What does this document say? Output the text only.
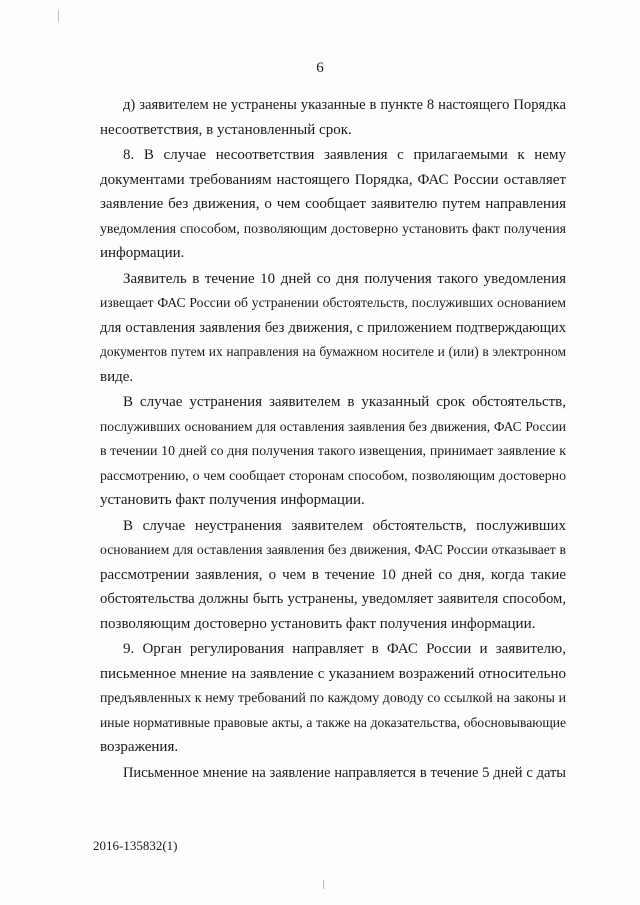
6
д) заявителем не устранены указанные в пункте 8 настоящего Порядка
несоответствия, в установленный срок.
8. В случае несоответствия заявления с прилагаемыми к нему
документами требованиям настоящего Порядка, ФАС России оставляет
заявление без движения, о чем сообщает заявителю путем направления
уведомления способом, позволяющим достоверно установить факт получения
информации.
Заявитель в течение 10 дней со дня получения такого уведомления
извещает ФАС России об устранении обстоятельств, послуживших основанием
для оставления заявления без движения, с приложением подтверждающих
документов путем их направления на бумажном носителе и (или) в электронном
виде.
В случае устранения заявителем в указанный срок обстоятельств,
послуживших основанием для оставления заявления без движения, ФАС России
в течении 10 дней со дня получения такого извещения, принимает заявление к
рассмотрению, о чем сообщает сторонам способом, позволяющим достоверно
установить факт получения информации.
В случае неустранения заявителем обстоятельств, послуживших
основанием для оставления заявления без движения, ФАС России отказывает в
рассмотрении заявления, о чем в течение 10 дней со дня, когда такие
обстоятельства должны быть устранены, уведомляет заявителя способом,
позволяющим достоверно установить факт получения информации.
9. Орган регулирования направляет в ФАС России и заявителю,
письменное мнение на заявление с указанием возражений относительно
предъявленных к нему требований по каждому доводу со ссылкой на законы и
иные нормативные правовые акты, а также на доказательства, обосновывающие
возражения.
Письменное мнение на заявление направляется в течение 5 дней с даты
2016-135832(1)
